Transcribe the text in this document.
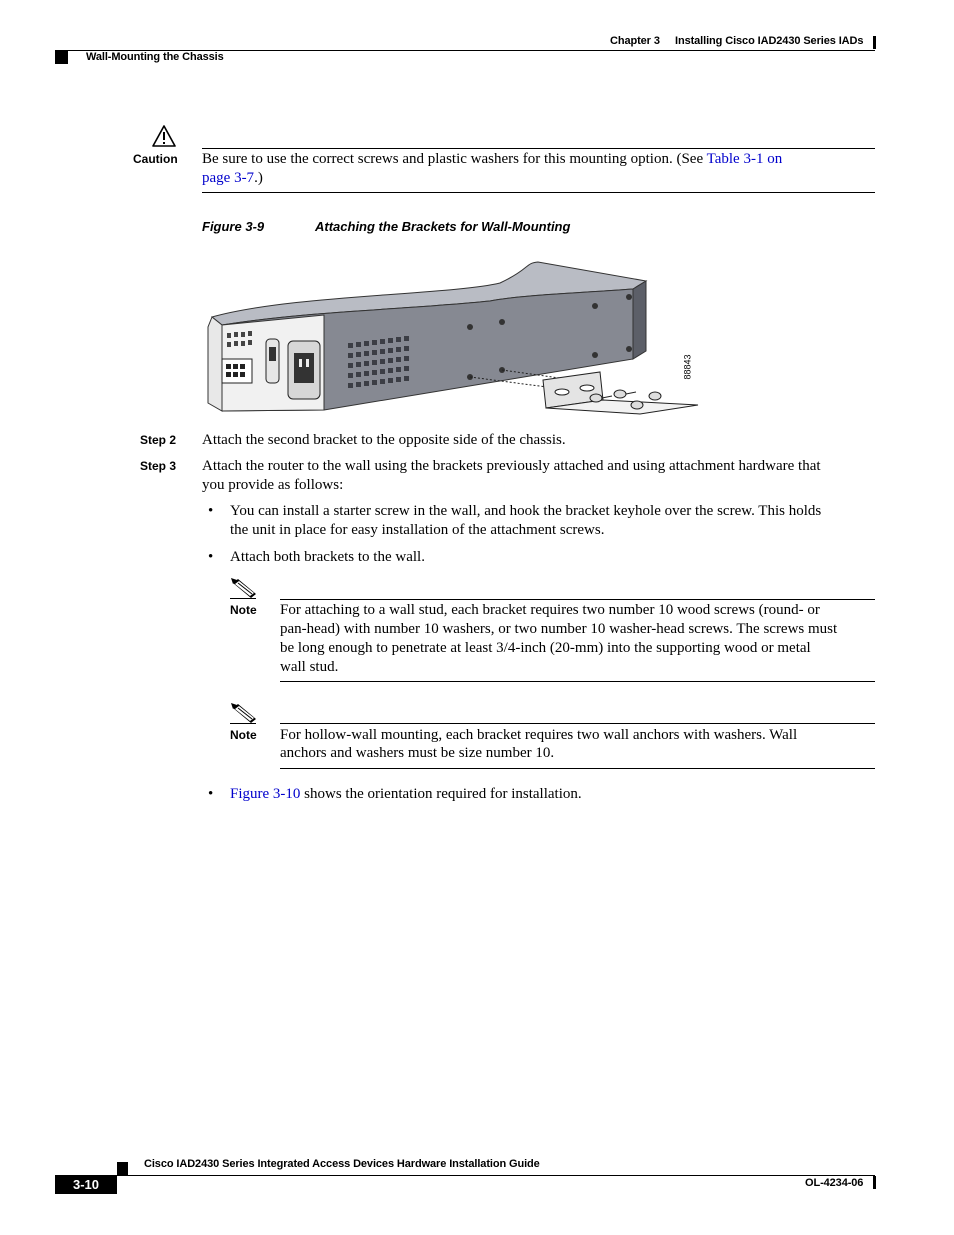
Chapter 3 Installing Cisco IAD2430 Series IADs
Wall-Mounting the Chassis
Caution Be sure to use the correct screws and plastic washers for this mounting option. (See Table 3-1 on
page 3-7.)
Figure 3-9	Attaching the Brackets for Wall-Mounting
88843
Step 2 Attach the second bracket to the opposite side of the chassis.
Step 3 Attach the router to the wall using the brackets previously attached and using attachment hardware that
you provide as follows:
• You can install a starter screw in the wall, and hook the bracket keyhole over the screw. This holds
the unit in place for easy installation of the attachment screws.
• Attach both brackets to the wall.
Note For attaching to a wall stud, each bracket requires two number 10 wood screws (round- or
pan-head) with number 10 washers, or two number 10 washer-head screws. The screws must
be long enough to penetrate at least 3/4-inch (20-mm) into the supporting wood or metal
wall stud.
Note For hollow-wall mounting, each bracket requires two wall anchors with washers. Wall
anchors and washers must be size number 10.
• Figure 3-10 shows the orientation required for installation.
Cisco IAD2430 Series Integrated Access Devices Hardware Installation Guide
3-10	OL-4234-06
